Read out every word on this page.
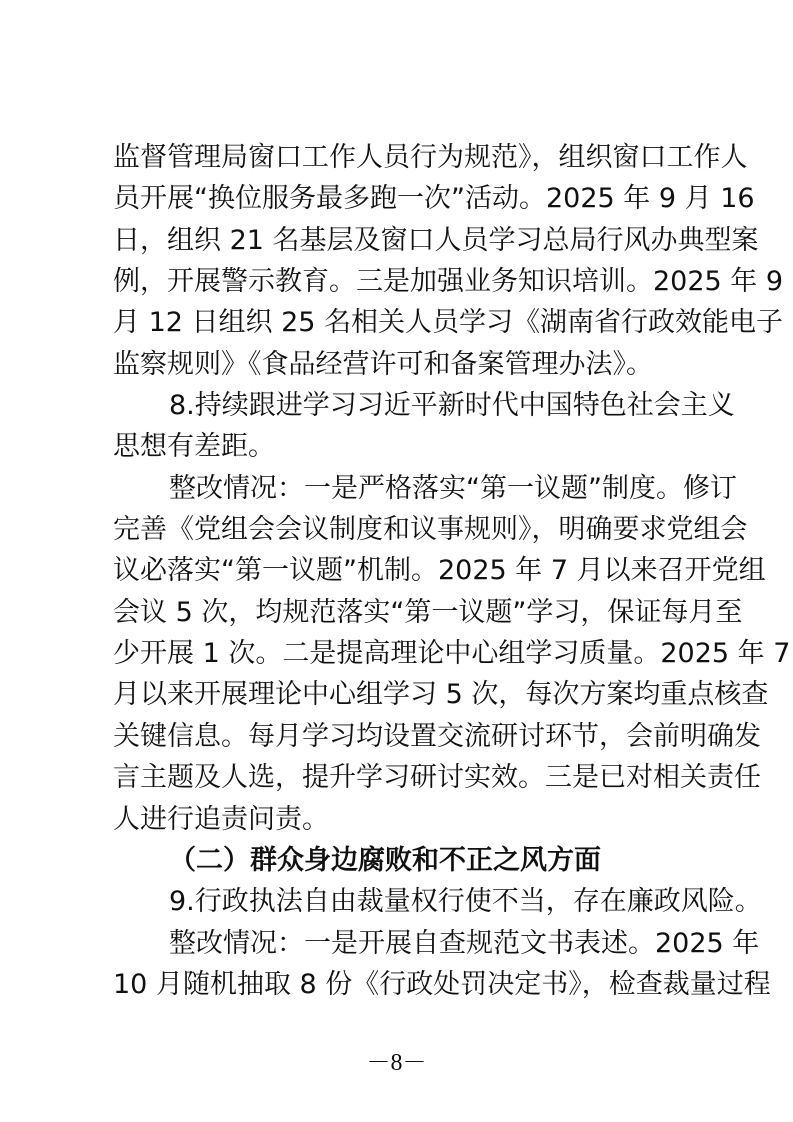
监督管理局窗口工作人员行为规范》，组织窗口工作人
员开展“换位服务最多跑一次”活动。2025 年 9 月 16
日，组织 21 名基层及窗口人员学习总局行风办典型案
例，开展警示教育。三是加强业务知识培训。2025 年 9
月 12 日组织 25 名相关人员学习《湖南省行政效能电子
监察规则》《食品经营许可和备案管理办法》。
8.持续跟进学习习近平新时代中国特色社会主义
思想有差距。
整改情况：一是严格落实“第一议题”制度。修订
完善《党组会会议制度和议事规则》，明确要求党组会
议必落实“第一议题”机制。2025 年 7 月以来召开党组
会议 5 次，均规范落实“第一议题”学习，保证每月至
少开展 1 次。二是提高理论中心组学习质量。2025 年 7
月以来开展理论中心组学习 5 次，每次方案均重点核查
关键信息。每月学习均设置交流研讨环节，会前明确发
言主题及人选，提升学习研讨实效。三是已对相关责任
人进行追责问责。
（二）群众身边腐败和不正之风方面
9.行政执法自由裁量权行使不当，存在廉政风险。
整改情况：一是开展自查规范文书表述。2025 年
10 月随机抽取 8 份《行政处罚决定书》，检查裁量过程
－8－
